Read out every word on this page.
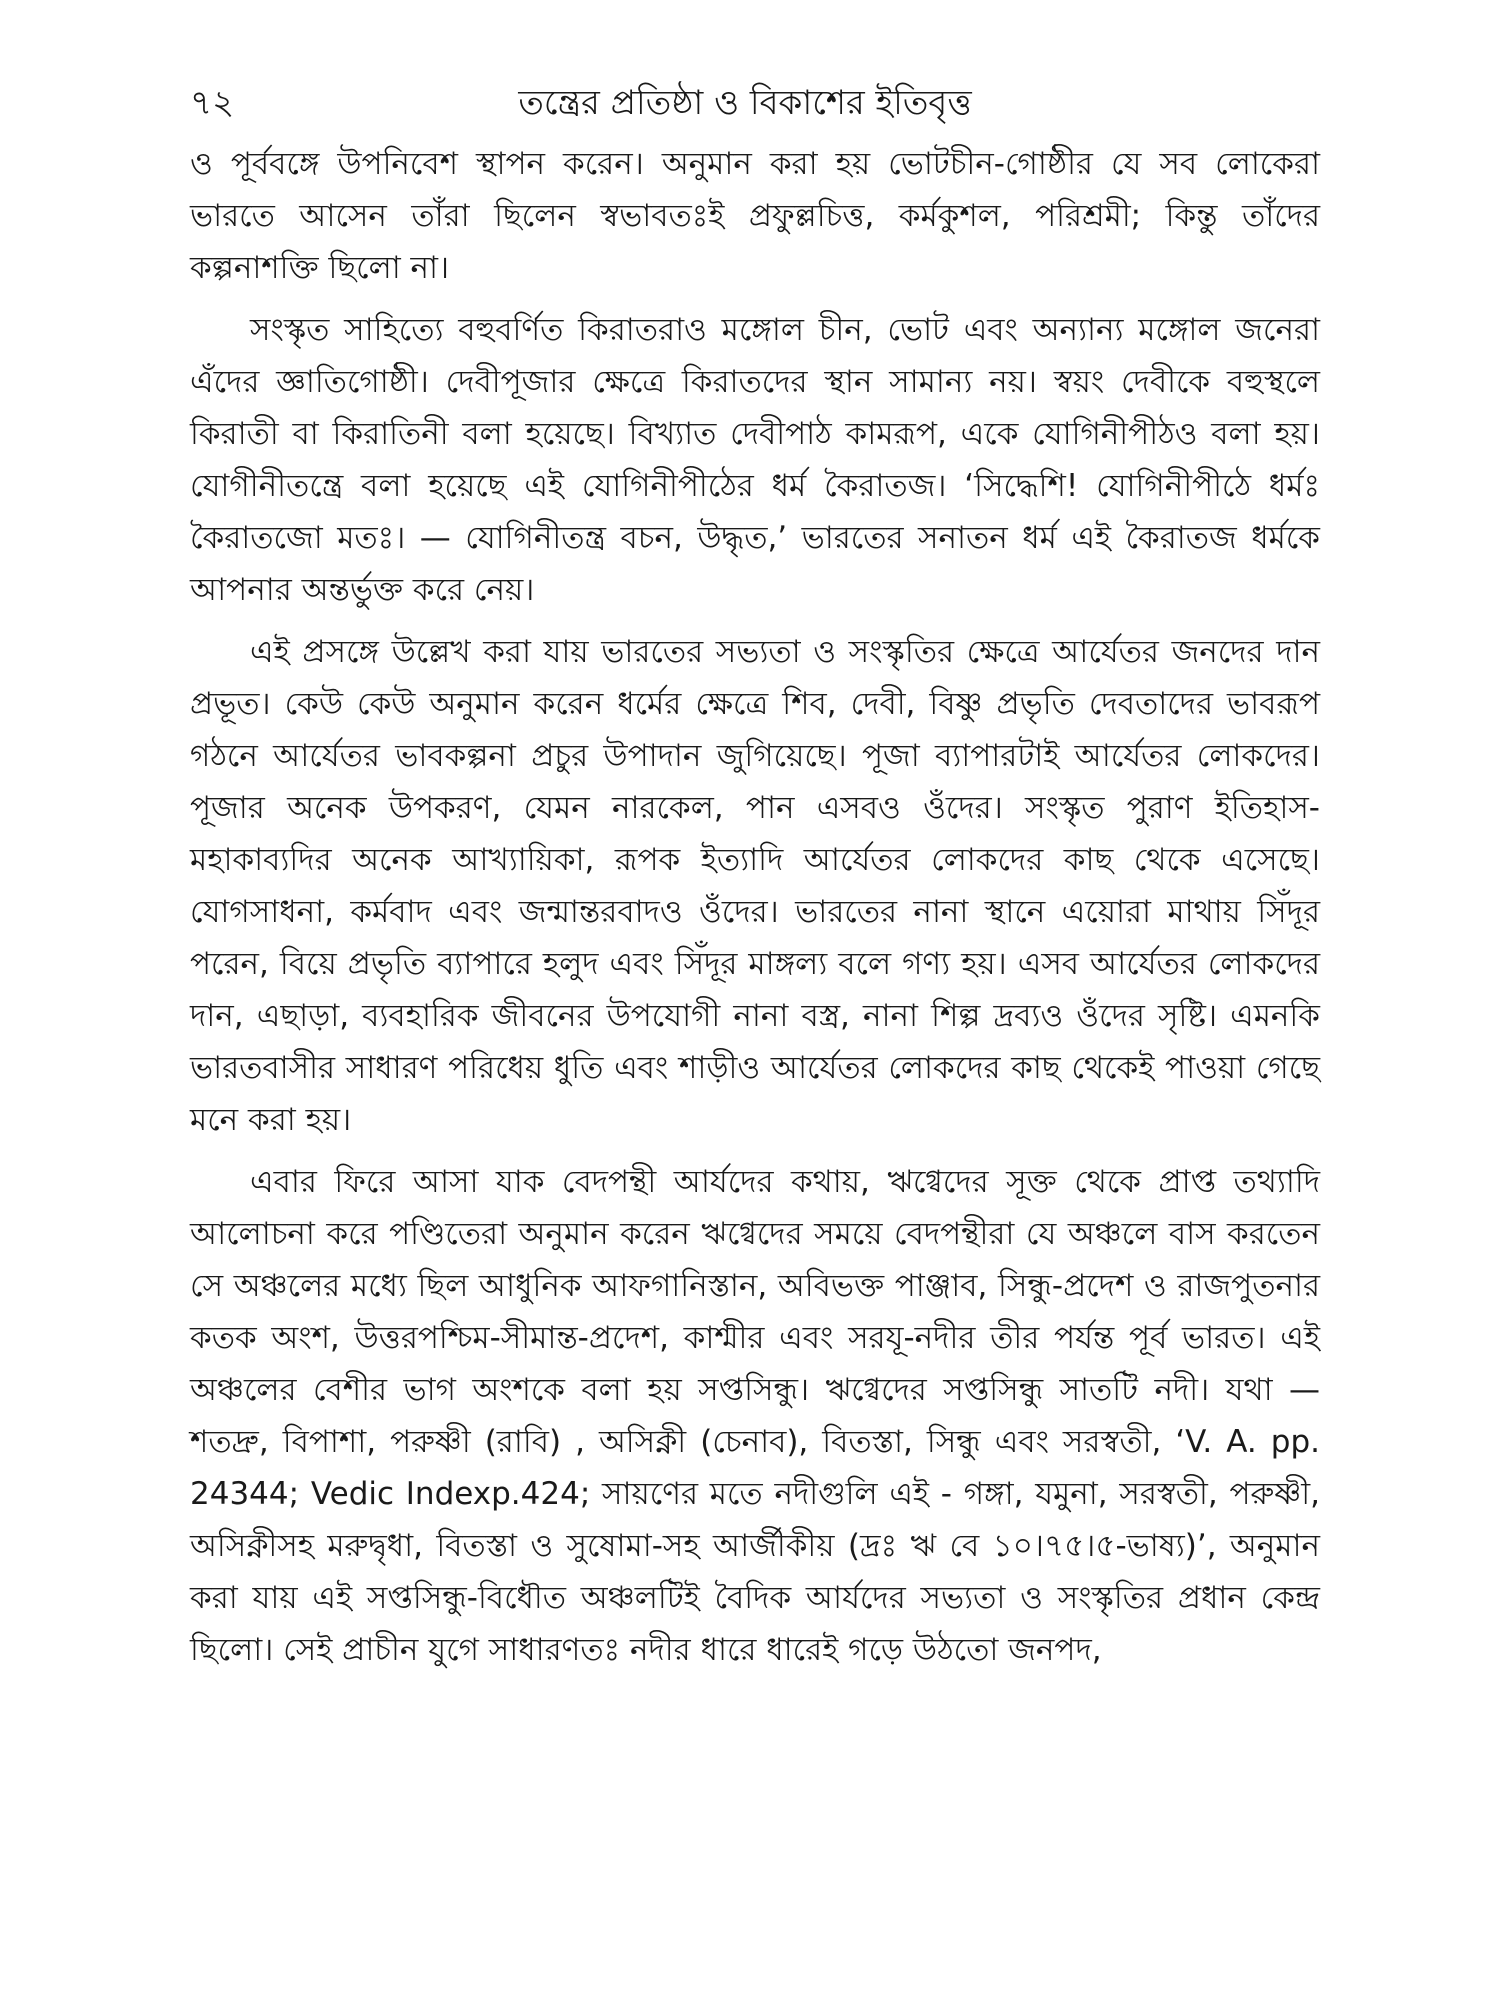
৭২	তন্ত্রের প্রতিষ্ঠা ও বিকাশের ইতিবৃত্ত

ও পূর্ববঙ্গে উপনিবেশ স্থাপন করেন। অনুমান করা হয় ভোটচীন-গোষ্ঠীর যে সব লোকেরা ভারতে আসেন তাঁরা ছিলেন স্বভাবতঃই প্রফুল্লচিত্ত, কর্মকুশল, পরিশ্রমী; কিন্তু তাঁদের কল্পনাশক্তি ছিলো না।

সংস্কৃত সাহিত্যে বহুবর্ণিত কিরাতরাও মঙ্গোল চীন, ভোট এবং অন্যান্য মঙ্গোল জনেরা এঁদের জ্ঞাতিগোষ্ঠী। দেবীপূজার ক্ষেত্রে কিরাতদের স্থান সামান্য নয়। স্বয়ং দেবীকে বহুস্থলে কিরাতী বা কিরাতিনী বলা হয়েছে। বিখ্যাত দেবীপাঠ কামরূপ, একে যোগিনীপীঠও বলা হয়। যোগীনীতন্ত্রে বলা হয়েছে এই যোগিনীপীঠের ধর্ম কৈরাতজ। ‘সিদ্ধেশি! যোগিনীপীঠে ধর্মঃ কৈরাতজো মতঃ। — যোগিনীতন্ত্র বচন, উদ্ধৃত,’ ভারতের সনাতন ধর্ম এই কৈরাতজ ধর্মকে আপনার অন্তর্ভুক্ত করে নেয়।

এই প্রসঙ্গে উল্লেখ করা যায় ভারতের সভ্যতা ও সংস্কৃতির ক্ষেত্রে আর্যেতর জনদের দান প্রভূত। কেউ কেউ অনুমান করেন ধর্মের ক্ষেত্রে শিব, দেবী, বিষ্ণু প্রভৃতি দেবতাদের ভাবরূপ গঠনে আর্যেতর ভাবকল্পনা প্রচুর উপাদান জুগিয়েছে। পূজা ব্যাপারটাই আর্যেতর লোকদের। পূজার অনেক উপকরণ, যেমন নারকেল, পান এসবও ওঁদের। সংস্কৃত পুরাণ ইতিহাস-মহাকাব্যদির অনেক আখ্যায়িকা, রূপক ইত্যাদি আর্যেতর লোকদের কাছ থেকে এসেছে। যোগসাধনা, কর্মবাদ এবং জন্মান্তরবাদও ওঁদের। ভারতের নানা স্থানে এয়োরা মাথায় সিঁদূর পরেন, বিয়ে প্রভৃতি ব্যাপারে হলুদ এবং সিঁদূর মাঙ্গল্য বলে গণ্য হয়। এসব আর্যেতর লোকদের দান, এছাড়া, ব্যবহারিক জীবনের উপযোগী নানা বস্ত্র, নানা শিল্প দ্রব্যও ওঁদের সৃষ্টি। এমনকি ভারতবাসীর সাধারণ পরিধেয় ধুতি এবং শাড়ীও আর্যেতর লোকদের কাছ থেকেই পাওয়া গেছে মনে করা হয়।

এবার ফিরে আসা যাক বেদপন্থী আর্যদের কথায়, ঋগ্বেদের সূক্ত থেকে প্রাপ্ত তথ্যাদি আলোচনা করে পণ্ডিতেরা অনুমান করেন ঋগ্বেদের সময়ে বেদপন্থীরা যে অঞ্চলে বাস করতেন সে অঞ্চলের মধ্যে ছিল আধুনিক আফগানিস্তান, অবিভক্ত পাঞ্জাব, সিন্ধু-প্রদেশ ও রাজপুতনার কতক অংশ, উত্তরপশ্চিম-সীমান্ত-প্রদেশ, কাশ্মীর এবং সরযূ-নদীর তীর পর্যন্ত পূর্ব ভারত। এই অঞ্চলের বেশীর ভাগ অংশকে বলা হয় সপ্তসিন্ধু। ঋগ্বেদের সপ্তসিন্ধু সাতটি নদী। যথা — শতদ্রু, বিপাশা, পরুষ্ণী (রাবি) , অসিক্নী (চেনাব), বিতস্তা, সিন্ধু এবং সরস্বতী, ‘V. A. pp. 24344; Vedic Indexp.424; সায়ণের মতে নদীগুলি এই - গঙ্গা, যমুনা, সরস্বতী, পরুষ্ণী, অসিক্নীসহ মরুদ্বৃধা, বিতস্তা ও সুষোমা-সহ আর্জীকীয় (দ্রঃ ঋ বে ১০।৭৫।৫-ভাষ্য)’, অনুমান করা যায় এই সপ্তসিন্ধু-বিধৌত অঞ্চলটিই বৈদিক আর্যদের সভ্যতা ও সংস্কৃতির প্রধান কেন্দ্র ছিলো। সেই প্রাচীন যুগে সাধারণতঃ নদীর ধারে ধারেই গড়ে উঠতো জনপদ,
